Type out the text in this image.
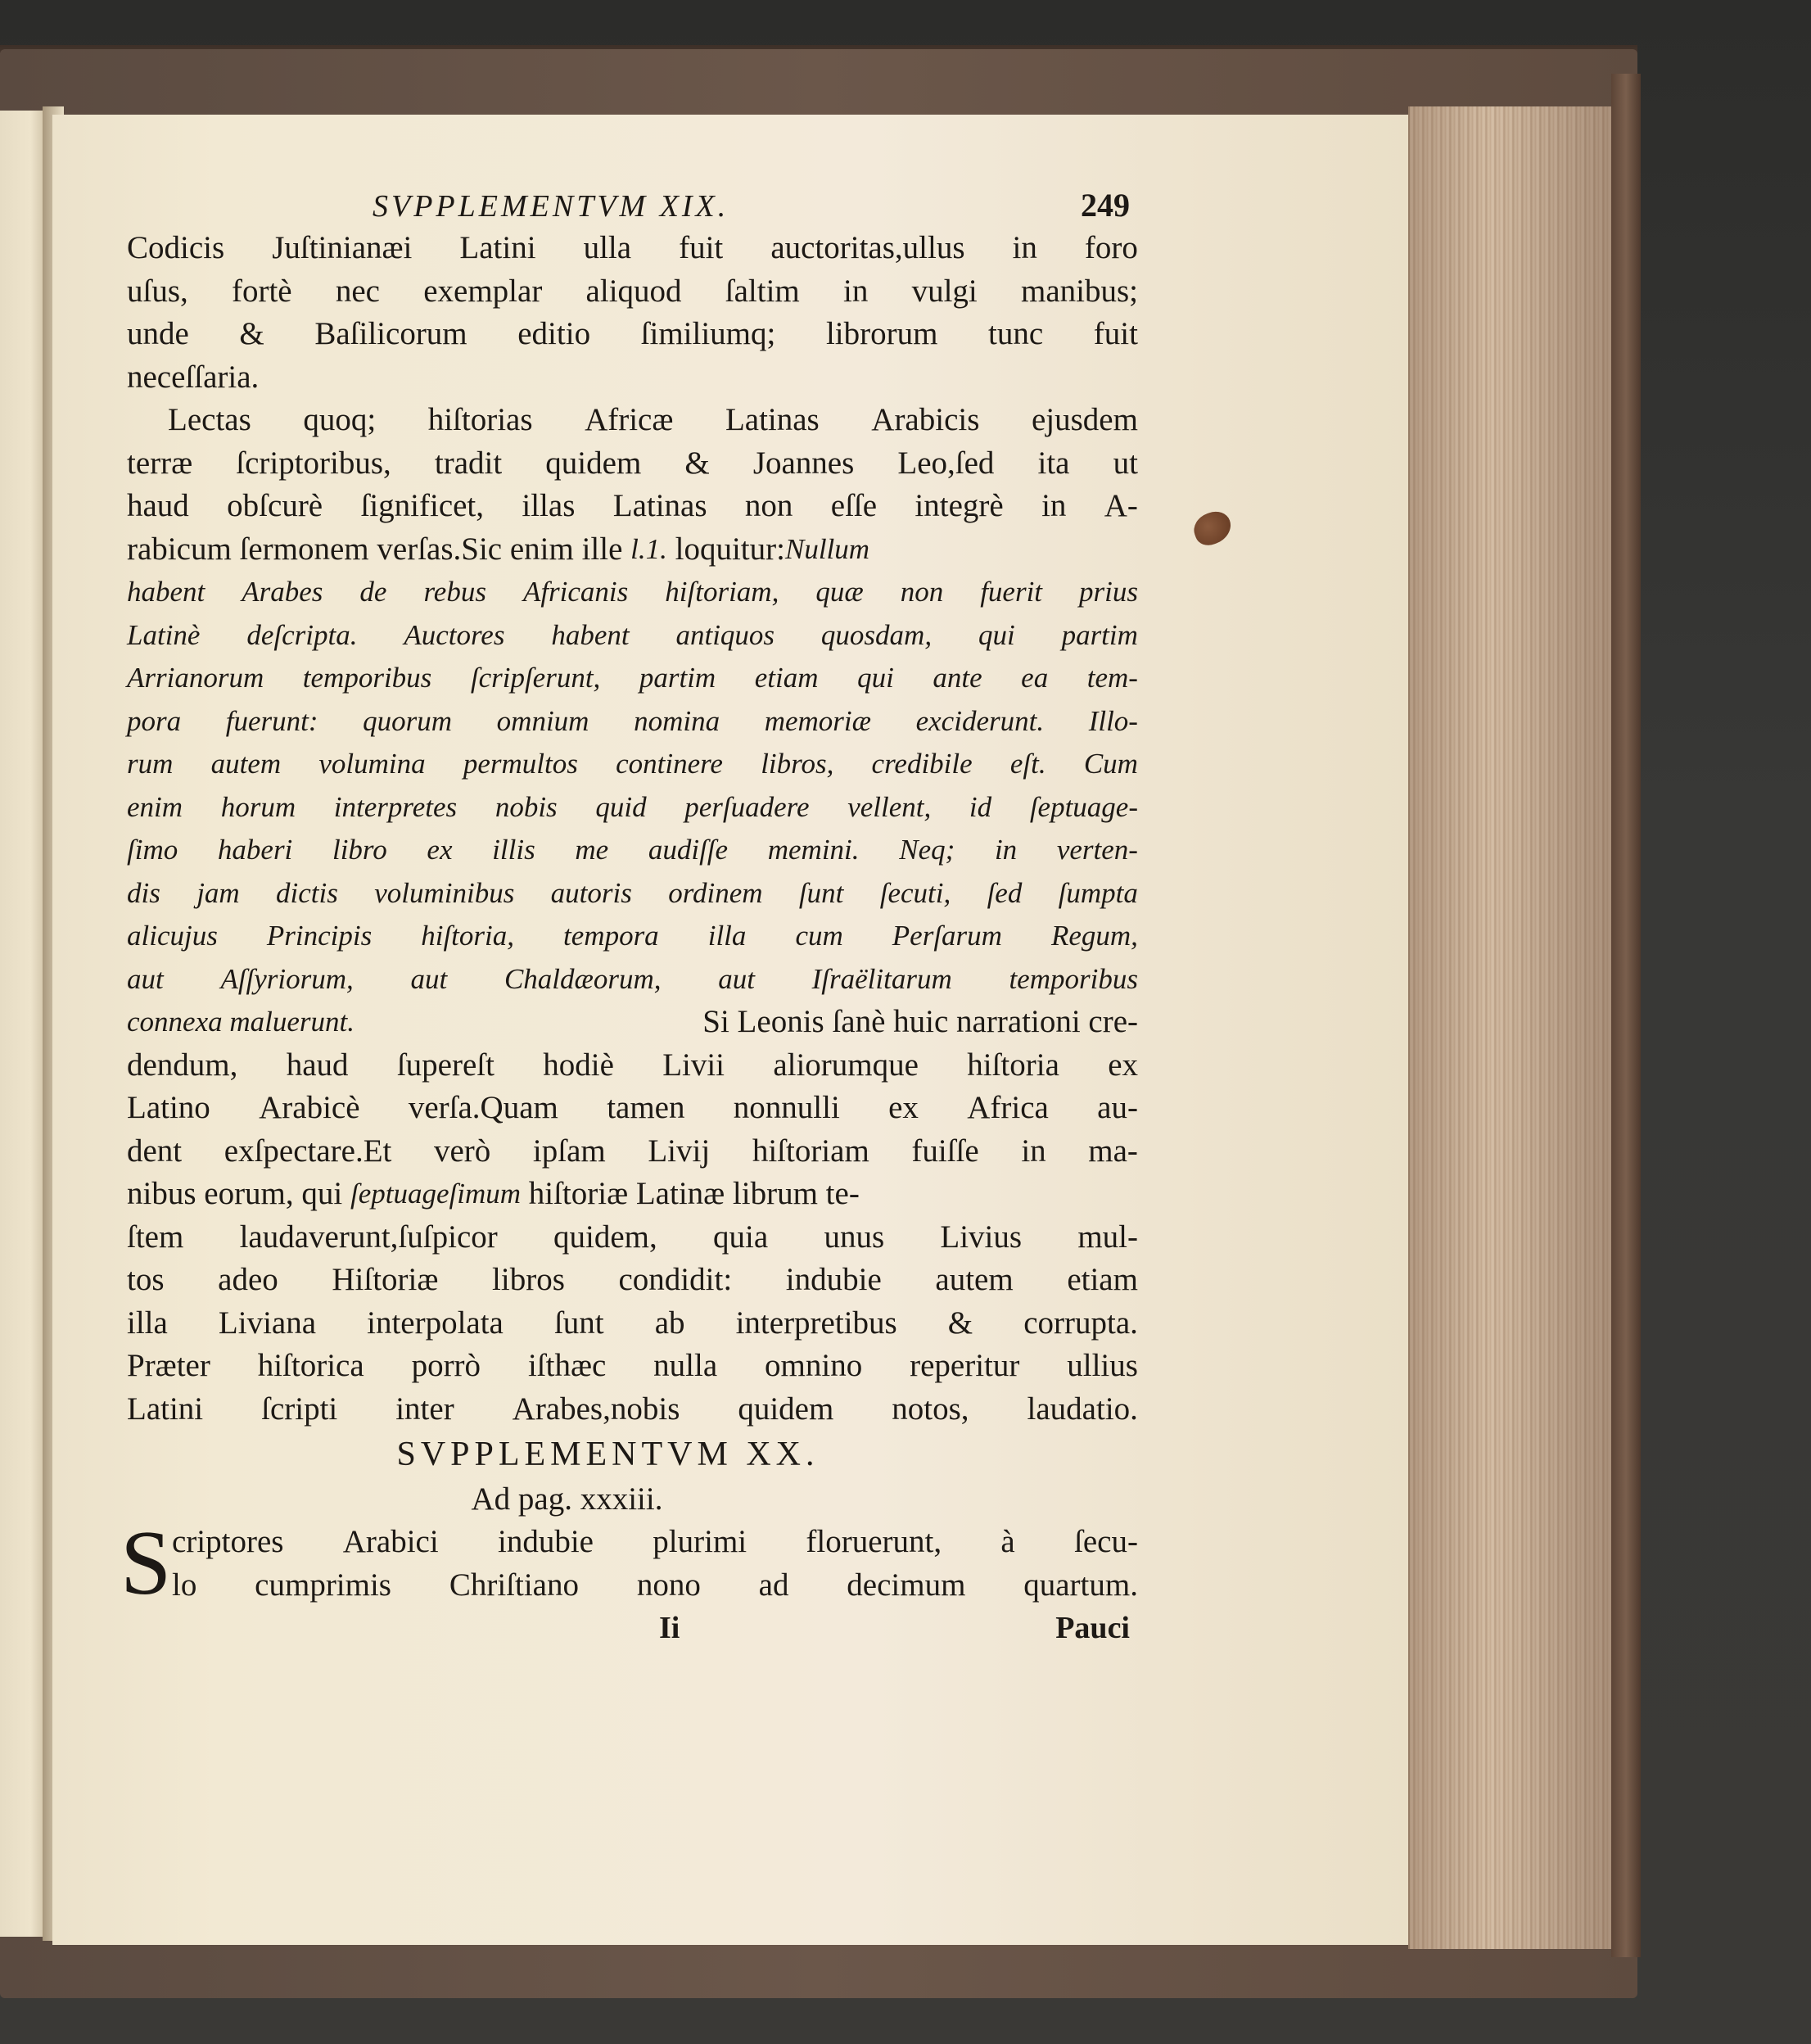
SVPPLEMENTVM XIX.	249
Codicis Juſtinianæi Latini ulla fuit auctoritas,ullus in foro
uſus, fortè nec exemplar aliquod ſaltim in vulgi manibus;
unde & Baſilicorum editio ſimiliumq; librorum tunc fuit
neceſſaria.
Lectas quoq; hiſtorias Africæ Latinas Arabicis ejusdem
terræ ſcriptoribus, tradit quidem & Joannes Leo,ſed ita ut
haud obſcurè ſignificet, illas Latinas non eſſe integrè in A-
rabicum ſermonem verſas.Sic enim ille l.1. loquitur: Nullum
habent Arabes de rebus Africanis hiſtoriam, quæ non fuerit prius
Latinè deſcripta. Auctores habent antiquos quosdam, qui partim
Arrianorum temporibus ſcripſerunt, partim etiam qui ante ea tem-
pora fuerunt: quorum omnium nomina memoriæ exciderunt. Illo-
rum autem volumina permultos continere libros, credibile eſt. Cum
enim horum interpretes nobis quid perſuadere vellent, id ſeptuage-
ſimo haberi libro ex illis me audiſſe memini. Neq; in verten-
dis jam dictis voluminibus autoris ordinem ſunt ſecuti, ſed ſumpta
alicujus Principis hiſtoria, tempora illa cum Perſarum Regum,
aut Aſſyriorum, aut Chaldæorum, aut Iſraëlitarum temporibus
connexa maluerunt.	Si Leonis ſanè huic narrationi cre-
dendum, haud ſupereſt hodiè Livii aliorumque hiſtoria ex
Latino Arabicè verſa.Quam tamen nonnulli ex Africa au-
dent exſpectare.Et verò ipſam Livij hiſtoriam fuiſſe in ma-
nibus eorum, qui ſeptuageſimum hiſtoriæ Latinæ librum te-
ſtem laudaverunt,ſuſpicor quidem, quia unus Livius mul-
tos adeo Hiſtoriæ libros condidit: indubie autem etiam
illa Liviana interpolata ſunt ab interpretibus & corrupta.
Præter hiſtorica porrò iſthæc nulla omnino reperitur ullius
Latini ſcripti inter Arabes,nobis quidem notos, laudatio.
SVPPLEMENTVM XX.
Ad pag. xxxiii.
S criptores Arabici indubie plurimi floruerunt, à ſecu-
lo cumprimis Chriſtiano nono ad decimum quartum.
Ii	Pauci
